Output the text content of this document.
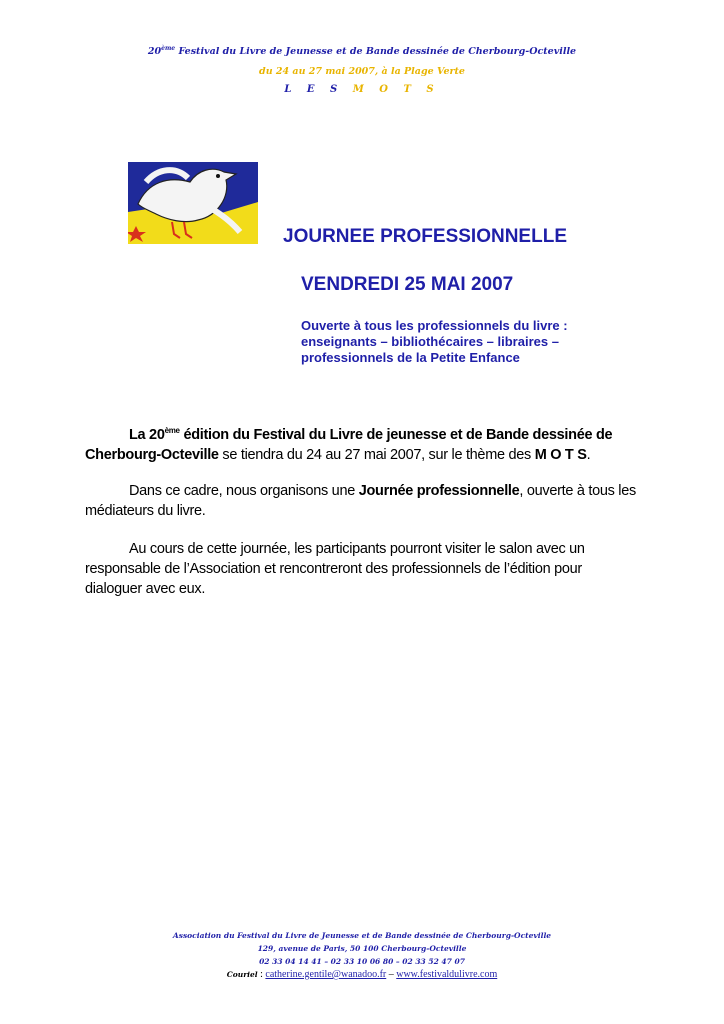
20ème Festival du Livre de Jeunesse et de Bande dessinée de Cherbourg-Octeville
du 24 au 27 mai 2007, à la Plage Verte
L E S M O T S
JOURNEE PROFESSIONNELLE
VENDREDI 25 MAI 2007
Ouverte à tous les professionnels du livre : enseignants – bibliothécaires – libraires – professionnels de la Petite Enfance
La 20ème édition du Festival du Livre de jeunesse et de Bande dessinée de Cherbourg-Octeville se tiendra du 24 au 27 mai 2007, sur le thème des M O T S.
Dans ce cadre, nous organisons une Journée professionnelle, ouverte à tous les médiateurs du livre.
Au cours de cette journée, les participants pourront visiter le salon avec un responsable de l’Association et rencontreront des professionnels de l’édition pour dialoguer avec eux.
Association du Festival du Livre de Jeunesse et de Bande dessinée de Cherbourg-Octeville
129, avenue de Paris, 50 100 Cherbourg-Octeville
02 33 04 14 41 – 02 33 10 06 80 – 02 33 52 47 07
Couriel : catherine.gentile@wanadoo.fr – www.festivaldulivre.com
